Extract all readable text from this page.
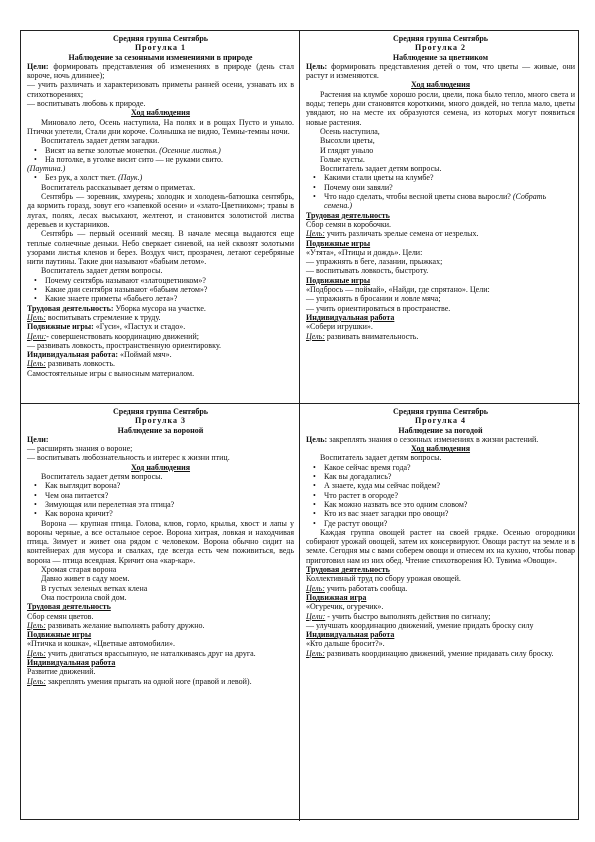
Средняя группа Сентябрь
Прогулка 1
Наблюдение за сезонными изменениями в природе
Цели: формировать представления об изменениях в природе (день стал короче, ночь длиннее);
— учить различать и характеризовать приметы ранней осени, узнавать их в стихотворениях;
— воспитывать любовь к природе.
Ход наблюдения
Миновало лето, Осень наступила, На полях и в рощах Пусто и уныло. Птички улетели, Стали дни короче. Солнышка не видно, Темны-темны ночи.
Воспитатель задает детям загадки.
• Висят на ветке золотые монетки. (Осенние листья.)
• На потолке, в уголке висит сито — не руками свито.
(Паутина.)
• Без рук, а холст ткет. (Паук.)
Воспитатель рассказывает детям о приметах.
Сентябрь — зоревник, хмурень; холоднк и холодень-батюшка сентябрь, да кормить горазд, зовут его «запевкой осени» и «злато-Цветником»; травы в лугах, полях, лесах высыхают, желтеют, и становится золотистой листва деревьев и кустарников.
Сентябрь — первый осенний месяц. В начале месяца выдаются еще теплые солнечные деньки. Небо сверкает синевой, на ней сквозят золотыми узорами листья кленов и берез. Воздух чист, прозрачен, летают серебряные нити паутины. Такие дни называют «бабьим летом».
Воспитатель задает детям вопросы.
• Почему сентябрь называют «златоцветником»?
• Какие дни сентября называют «бабьим летом»?
• Какие знаете приметы «бабьего лета»?
Трудовая деятельность: Уборка мусора на участке.
Цель: воспитывать стремление к труду.
Подвижные игры: «Гуси», «Пастух и стадо».
Цели:- совершенствовать координацию движений;
— развивать ловкость, пространственную ориентировку.
Индивидуальная работа: «Поймай мяч».
Цель: развивать ловкость.
Самостоятельные игры с выносным материалом.
Средняя группа Сентябрь
Прогулка 2
Наблюдение за цветником
Цель: формировать представления детей о том, что цветы — живые, они растут и изменяются.
Ход наблюдения
Растения на клумбе хорошо росли, цвели, пока было тепло, много света и воды; теперь дни становятся короткими, много дождей, но тепла мало, цветы увядают, но на месте их образуются семена, из которых могут появиться новые растения.
Осень наступила,
Высохли цветы,
И глядят уныло
Голые кусты.
Воспитатель задает детям вопросы.
• Какими стали цветы на клумбе?
• Почему они завяли?
• Что надо сделать, чтобы весной цветы снова выросли? (Собрать семена.)
Трудовая деятельность
Сбор семян в коробочки.
Цель: учить различать зрелые семена от незрелых.
Подвижные игры
«Утята», «Птицы и дождь». Цели:
— упражнять в беге, лазании, прыжках;
— воспитывать ловкость, быстроту.
Подвижные игры
«Подбрось — поймай», «Найди, где спрятано». Цели:
— упражнять в бросании и ловле мяча;
— учить ориентироваться в пространстве.
Индивидуальная работа
«Собери игрушки».
Цель: развивать внимательность.
Средняя группа Сентябрь
Прогулка 3
Наблюдение за вороной
Цели:
— расширять знания о вороне;
— воспитывать любознательность и интерес к жизни птиц.
Ход наблюдения
Воспитатель задает детям вопросы.
• Как выглядит ворона?
• Чем она питается?
• Зимующая или перелетная эта птица?
• Как ворона кричит?
Ворона — крупная птица. Голова, клюв, горло, крылья, хвост и лапы у вороны черные, а все остальное серое. Ворона хитрая, ловкая и находчивая птица. Зимует и живет она рядом с человеком. Ворона обычно сидит на контейнерах для мусора и свалках, где всегда есть чем поживиться, ведь ворона — птица всеядная. Кричит она «кар-кар».
Хромая старая ворона
Давно живет в саду моем.
В густых зеленых ветках клена
Она построила свой дом.
Трудовая деятельность
Сбор семян цветов.
Цель: развивать желание выполнять работу дружно.
Подвижные игры
«Птичка и кошка», «Цветные автомобили».
Цель: учить двигаться врассыпную, не наталкиваясь друг на друга.
Индивидуальная работа
Развитие движений.
Цель: закреплять умения прыгать на одной ноге (правой и левой).
Средняя группа Сентябрь
Прогулка 4
Наблюдение за погодой
Цель: закреплять знания о сезонных изменениях в жизни растений.
Ход наблюдения
Воспитатель задает детям вопросы.
• Какое сейчас время года?
• Как вы догадались?
• А знаете, куда мы сейчас пойдем?
• Что растет в огороде?
• Как можно назвать все это одним словом?
• Кто из вас знает загадки про овощи?
• Где растут овощи?
Каждая группа овощей растет на своей грядке. Осенью огородники собирают урожай овощей, затем их консервируют. Овощи растут на земле и в земле. Сегодня мы с вами соберем овощи и отнесем их на кухню, чтобы повар приготовил нам из них обед. Чтение стихотворения Ю. Тувима «Овощи».
Трудовая деятельность
Коллективный труд по сбору урожая овощей.
Цель: учить работать сообща.
Подвижная игра
«Огуречик, огуречик».
Цели: - учить быстро выполнять действия по сигналу;
— улучшать координацию движений, умение придать броску силу
Индивидуальная работа
«Кто дальше бросит?».
Цель: развивать координацию движений, умение придавать силу броску.
